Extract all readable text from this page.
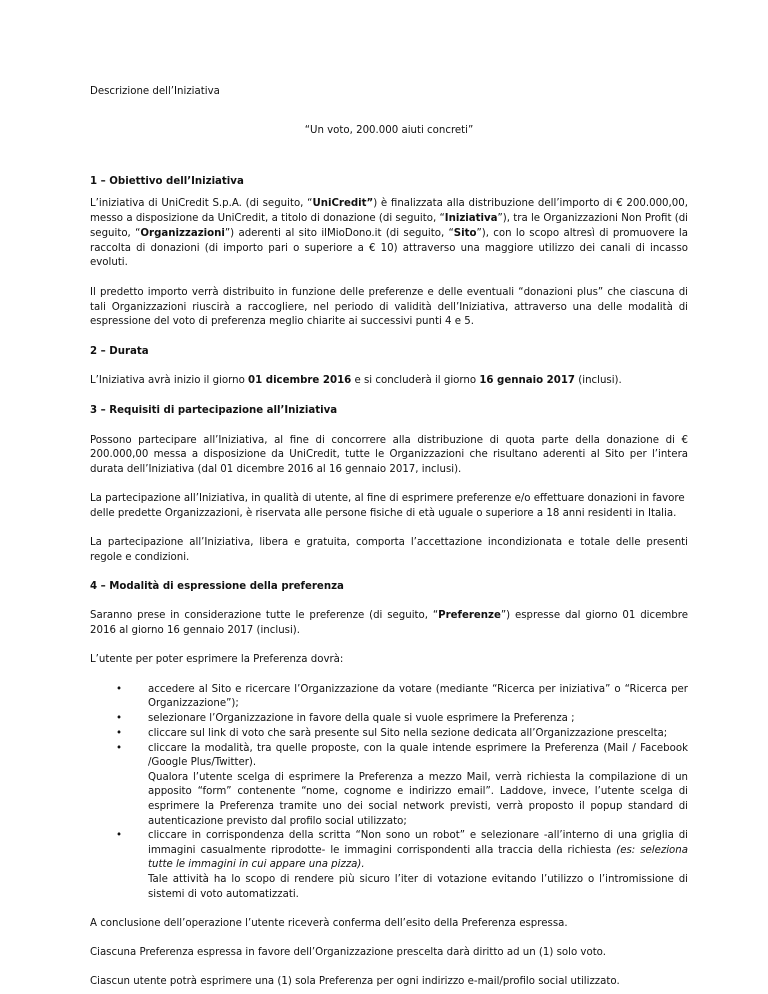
Descrizione dell’Iniziativa
“Un voto, 200.000 aiuti concreti”
1 – Obiettivo dell’Iniziativa
L’iniziativa di UniCredit S.p.A. (di seguito, “UniCredit”) è finalizzata alla distribuzione dell’importo di € 200.000,00,
messo a disposizione da UniCredit, a titolo di donazione (di seguito, “Iniziativa”), tra le Organizzazioni Non Profit (di
seguito, “Organizzazioni”) aderenti al sito ilMioDono.it (di seguito, “Sito”), con lo scopo altresì di promuovere la
raccolta di donazioni (di importo pari o superiore a € 10) attraverso una maggiore utilizzo dei canali di incasso
evoluti.
Il predetto importo verrà distribuito in funzione delle preferenze e delle eventuali “donazioni plus” che ciascuna di
tali Organizzazioni riuscirà a raccogliere, nel periodo di validità dell’Iniziativa, attraverso una delle modalità di
espressione del voto di preferenza meglio chiarite ai successivi punti 4 e 5.
2 – Durata
L’Iniziativa avrà inizio il giorno 01 dicembre 2016 e si concluderà il giorno 16 gennaio 2017 (inclusi).
3 – Requisiti di partecipazione all’Iniziativa
Possono partecipare all’Iniziativa, al fine di concorrere alla distribuzione di quota parte della donazione di €
200.000,00 messa a disposizione da UniCredit, tutte le Organizzazioni che risultano aderenti al Sito per l’intera
durata dell’Iniziativa (dal 01 dicembre 2016 al 16 gennaio 2017, inclusi).
La partecipazione all’Iniziativa, in qualità di utente, al fine di esprimere preferenze e/o effettuare donazioni in favore
delle predette Organizzazioni, è riservata alle persone fisiche di età uguale o superiore a 18 anni residenti in Italia.
La partecipazione all’Iniziativa, libera e gratuita, comporta l’accettazione incondizionata e totale delle presenti
regole e condizioni.
4 – Modalità di espressione della preferenza
Saranno prese in considerazione tutte le preferenze (di seguito, “Preferenze”) espresse dal giorno 01 dicembre
2016 al giorno 16 gennaio 2017 (inclusi).
L’utente per poter esprimere la Preferenza dovrà:
•	accedere al Sito e ricercare l’Organizzazione da votare (mediante “Ricerca per iniziativa” o “Ricerca per
Organizzazione”);
•	selezionare l’Organizzazione in favore della quale si vuole esprimere la Preferenza ;
•	cliccare sul link di voto che sarà presente sul Sito nella sezione dedicata all’Organizzazione prescelta;
•	cliccare la modalità, tra quelle proposte, con la quale intende esprimere la Preferenza (Mail / Facebook
/Google Plus/Twitter).
Qualora l’utente scelga di esprimere la Preferenza a mezzo Mail, verrà richiesta la compilazione di un
apposito “form” contenente “nome, cognome e indirizzo email”. Laddove, invece, l’utente scelga di
esprimere la Preferenza tramite uno dei social network previsti, verrà proposto il popup standard di
autenticazione previsto dal profilo social utilizzato;
•	cliccare in corrispondenza della scritta “Non sono un robot” e selezionare -all’interno di una griglia di
immagini casualmente riprodotte- le immagini corrispondenti alla traccia della richiesta (es: seleziona
tutte le immagini in cui appare una pizza).
Tale attività ha lo scopo di rendere più sicuro l’iter di votazione evitando l’utilizzo o l’intromissione di
sistemi di voto automatizzati.
A conclusione dell’operazione l’utente riceverà conferma dell’esito della Preferenza espressa.
Ciascuna Preferenza espressa in favore dell’Organizzazione prescelta darà diritto ad un (1) solo voto.
Ciascun utente potrà esprimere una (1) sola Preferenza per ogni indirizzo e-mail/profilo social utilizzato.
